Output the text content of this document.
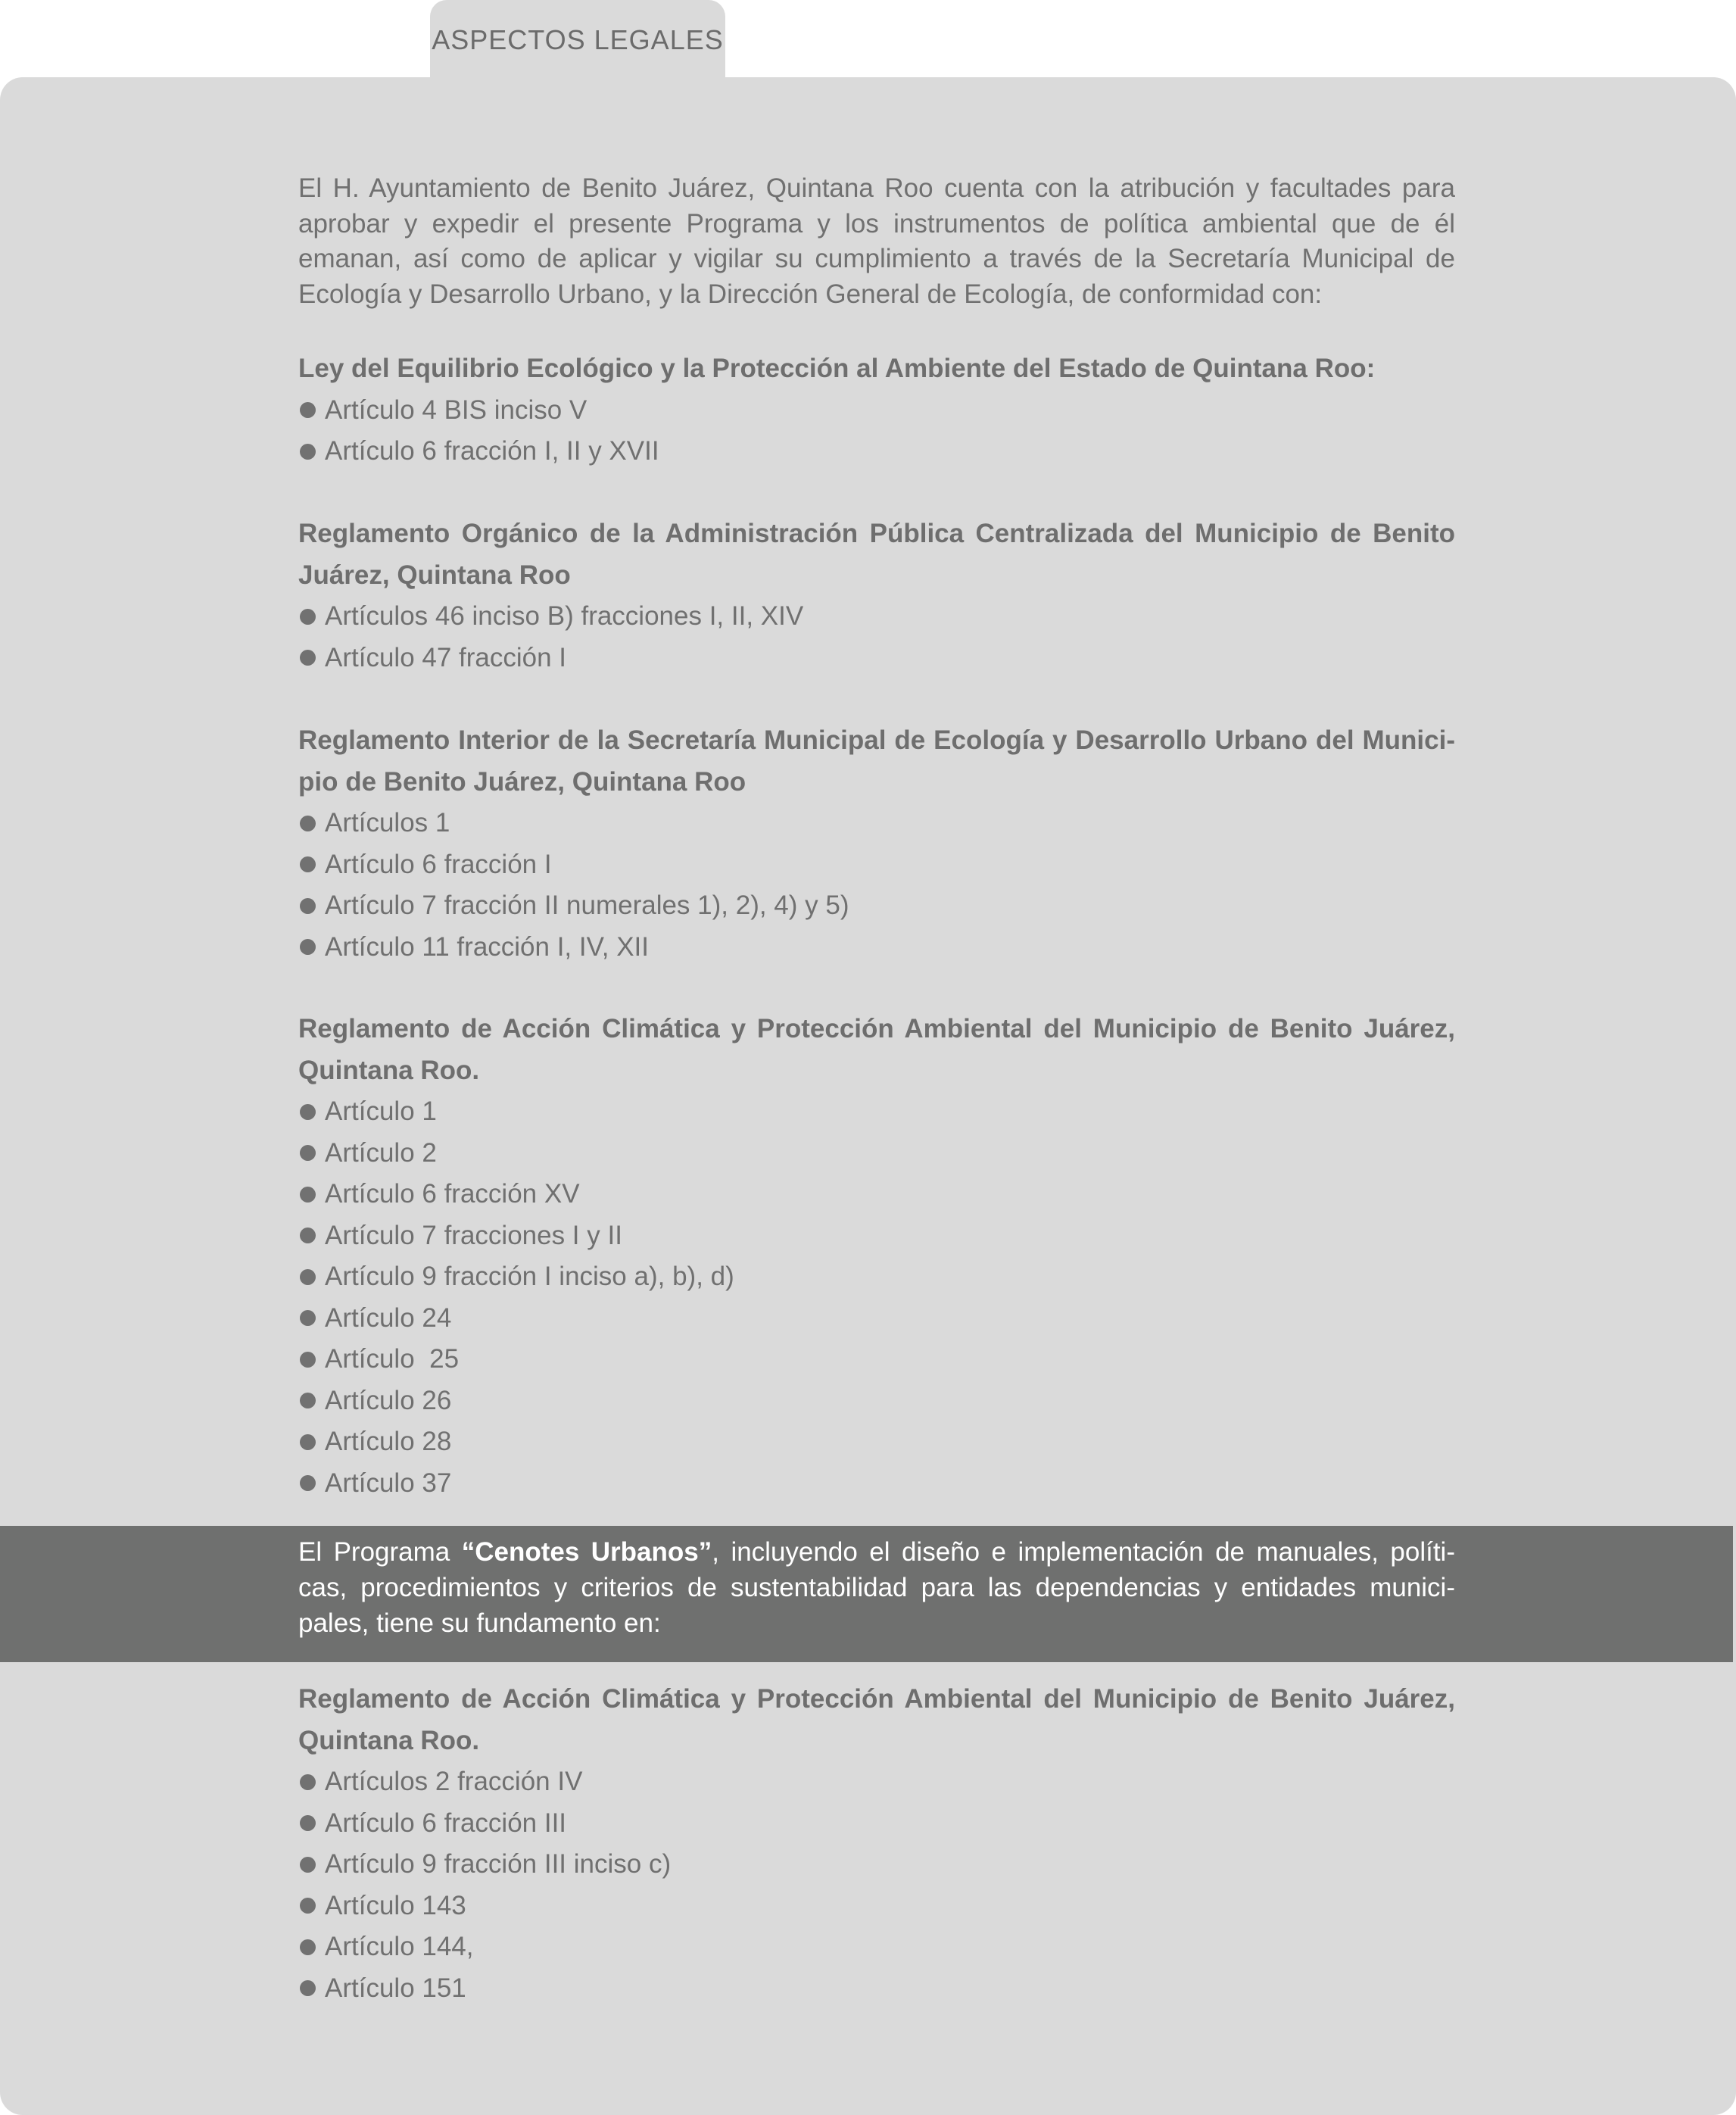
ASPECTOS LEGALES

El H. Ayuntamiento de Benito Juárez, Quintana Roo cuenta con la atribución y facultades para aprobar y expedir el presente Programa y los instrumentos de política ambiental que de él emanan, así como de aplicar y vigilar su cumplimiento a través de la Secretaría Municipal de Ecología y Desarrollo Urbano, y la Dirección General de Ecología, de conformidad con:

Ley del Equilibrio Ecológico y la Protección al Ambiente del Estado de Quintana Roo:
Artículo 4 BIS inciso V
Artículo 6 fracción I, II y XVII
Reglamento Orgánico de la Administración Pública Centralizada del Municipio de Benito Juárez, Quintana Roo
Artículos 46 inciso B) fracciones I, II, XIV
Artículo 47 fracción I
Reglamento Interior de la Secretaría Municipal de Ecología y Desarrollo Urbano del Munici-pio de Benito Juárez, Quintana Roo
Artículos 1
Artículo 6 fracción I
Artículo 7 fracción II numerales 1), 2), 4) y 5)
Artículo 11 fracción I, IV, XII
Reglamento de Acción Climática y Protección Ambiental del Municipio de Benito Juárez, Quintana Roo.
Artículo 1
Artículo 2
Artículo 6 fracción XV
Artículo 7 fracciones I y II
Artículo 9 fracción I inciso a), b), d)
Artículo 24
Artículo  25
Artículo 26
Artículo 28
Artículo 37

El Programa “Cenotes Urbanos”, incluyendo el diseño e implementación de manuales, políti-cas, procedimientos y criterios de sustentabilidad para las dependencias y entidades munici-pales, tiene su fundamento en:

Reglamento de Acción Climática y Protección Ambiental del Municipio de Benito Juárez, Quintana Roo.
Artículos 2 fracción IV
Artículo 6 fracción III
Artículo 9 fracción III inciso c)
Artículo 143
Artículo 144,
Artículo 151
